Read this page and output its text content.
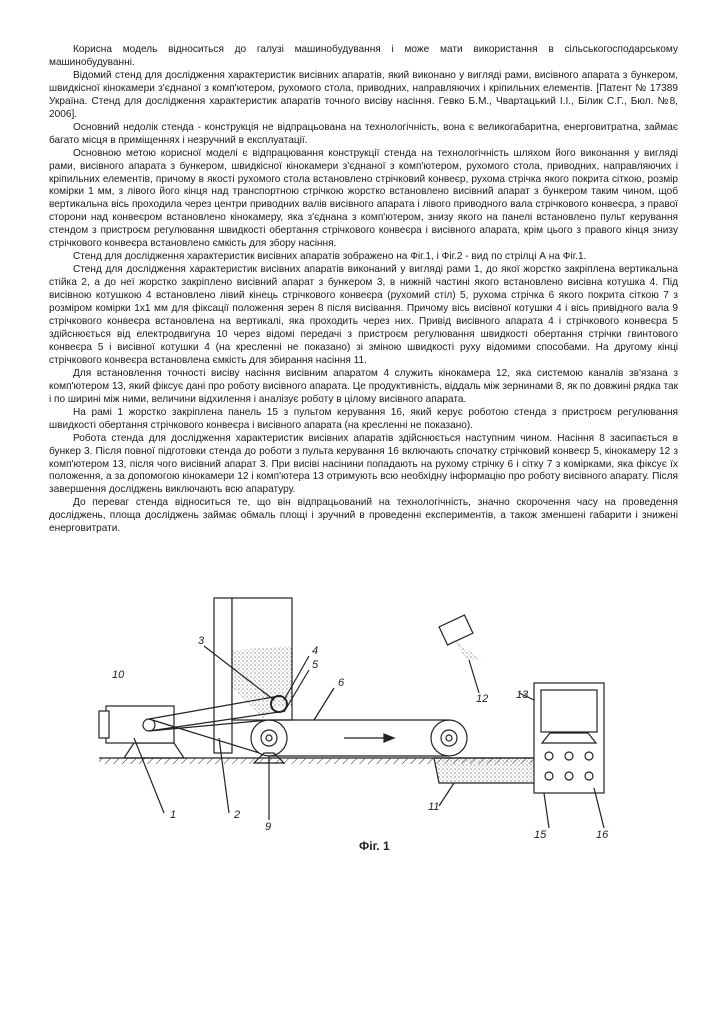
Корисна модель відноситься до галузі машинобудування і може мати використання в сільськогосподарському машинобудуванні.

Відомий стенд для дослідження характеристик висівних апаратів, який виконано у вигляді рами, висівного апарата з бункером, швидкісної кінокамери з'єднаної з комп'ютером, рухомого стола, приводних, направляючих і кріпильних елементів. [Патент № 17389 Україна. Стенд для дослідження характеристик апаратів точного висіву насіння. Гевко Б.М., Чвартацький І.І., Білик С.Г., Бюл. №8, 2006].

Основний недолік стенда - конструкція не відпрацьована на технологічність, вона є великогабаритна, енерговитратна, займає багато місця в приміщеннях і незручний в експлуатації.

Основною метою корисної моделі є відпрацювання конструкції стенда на технологічність шляхом його виконання у вигляді рами, висівного апарата з бункером, швидкісної кінокамери з'єднаної з комп'ютером, рухомого стола, приводних, направляючих і кріпильних елементів, причому в якості рухомого стола встановлено стрічковий конвеєр, рухома стрічка якого покрита сіткою, розмір комірки 1 мм, з лівого його кінця над транспортною стрічкою жорстко встановлено висівний апарат з бункером таким чином, щоб вертикальна вісь проходила через центри приводних валів висівного апарата і лівого приводного вала стрічкового конвеєра, з правої сторони над конвеєром встановлено кінокамеру, яка з'єднана з комп'ютером, знизу якого на панелі встановлено пульт керування стендом з пристроєм регулювання швидкості обертання стрічкового конвеєра і висівного апарата, крім цього з правого кінця знизу стрічкового конвеєра встановлено ємкість для збору насіння.

Стенд для дослідження характеристик висівних апаратів зображено на Фіг.1, і Фіг.2 - вид по стрілці А на Фіг.1.

Стенд для дослідження характеристик висівних апаратів виконаний у вигляді рами 1, до якої жорстко закріплена вертикальна стійка 2, а до неї жорстко закріплено висівний апарат з бункером 3, в нижній частині якого встановлено висівна котушка 4. Під висівною котушкою 4 встановлено лівий кінець стрічкового конвеєра (рухомий стіл) 5, рухома стрічка 6 якого покрита сіткою 7 з розміром комірки 1x1 мм для фіксації положення зерен 8 після висівання. Причому вісь висівної котушки 4 і вісь привідного вала 9 стрічкового конвеєра встановлена на вертикалі, яка проходить через них. Привід висівного апарата 4 і стрічкового конвеєра 5 здійснюється від електродвигуна 10 через відомі передачі з пристроєм регулювання швидкості обертання стрічки гвинтового конвеєра 5 і висівної котушки 4 (на кресленні не показано) зі зміною швидкості руху відомими способами. На другому кінці стрічкового конвеєра встановлена ємкість для збирання насіння 11.

Для встановлення точності висіву насіння висівним апаратом 4 служить кінокамера 12, яка системою каналів зв'язана з комп'ютером 13, який фіксує дані про роботу висівного апарата. Це продуктивність, віддаль між зернинами 8, як по довжині рядка так і по ширині між ними, величини відхилення і аналізує роботу в цілому висівного апарата.

На рамі 1 жорстко закріплена панель 15 з пультом керування 16, який керує роботою стенда з пристроєм регулювання швидкості обертання стрічкового конвеєра і висівного апарата (на кресленні не показано).

Робота стенда для дослідження характеристик висівних апаратів здійснюється наступним чином. Насіння 8 засипається в бункер 3. Після повної підготовки стенда до роботи з пульта керування 16 включають спочатку стрічковий конвеєр 5, кінокамеру 12 з комп'ютером 13, після чого висівний апарат 3. При висіві насінини попадають на рухому стрічку 6 і сітку 7 з комірками, яка фіксує їх положення, а за допомогою кінокамери 12 і комп'ютера 13 отримують всю необхідну інформацію про роботу висівного апарату. Після завершення досліджень виключають всю апаратуру.

До переваг стенда відноситься те, що він відпрацьований на технологічність, значно скорочення часу на проведення досліджень, площа досліджень займає обмаль площі і зручний в проведенні експериментів, а також зменшені габарити і знижені енерговитрати.

1	2
3
4
5
6
9
10
11
12	13
15	16
Фіг. 1
